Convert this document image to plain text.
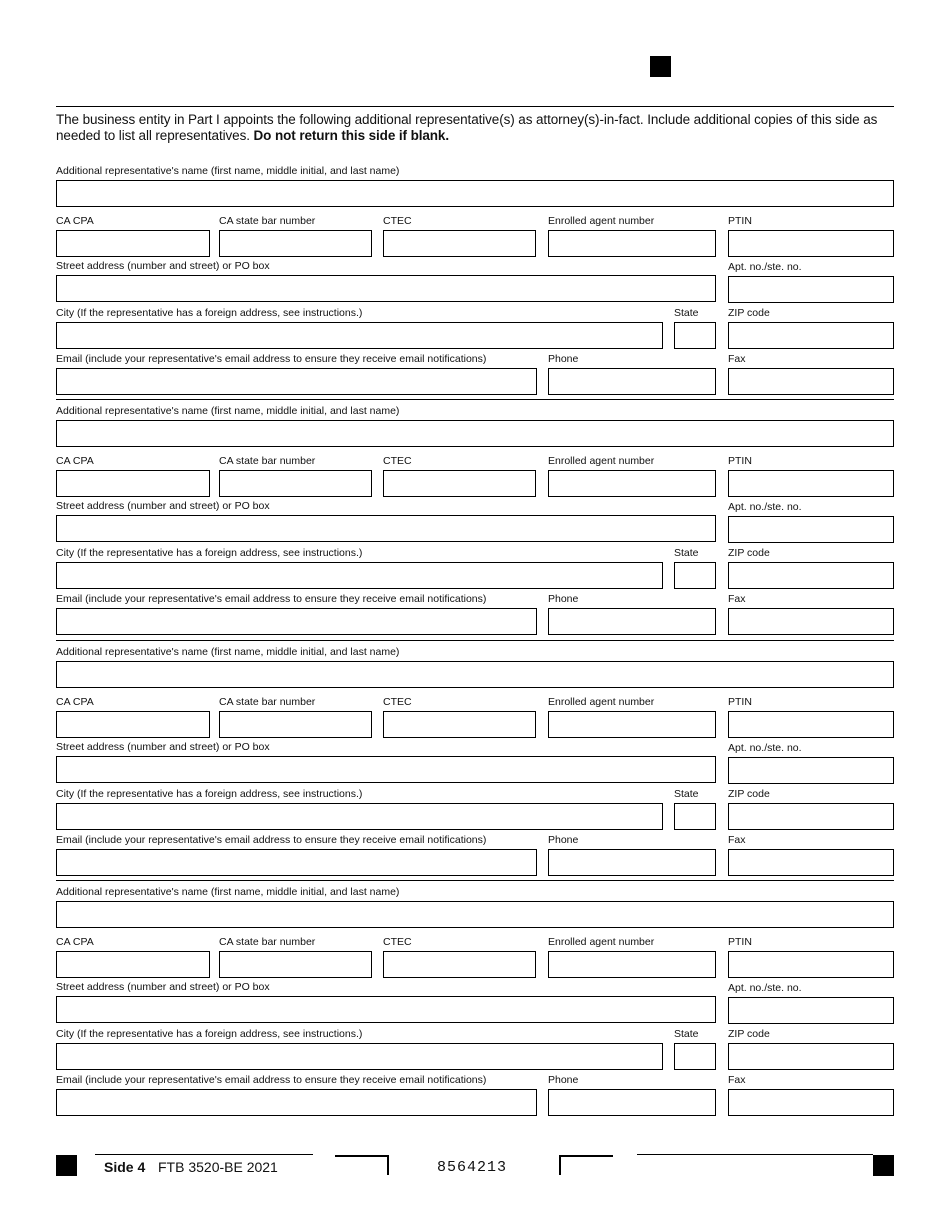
The business entity in Part I appoints the following additional representative(s) as attorney(s)-in-fact. Include additional copies of this side as needed to list all representatives. Do not return this side if blank.
Additional representative's name (first name, middle initial, and last name)
CA CPA	CA state bar number	CTEC	Enrolled agent number	PTIN
Street address (number and street) or PO box	Apt. no./ste. no.
City (If the representative has a foreign address, see instructions.)	State	ZIP code
Email (include your representative's email address to ensure they receive email notifications)	Phone	Fax
Additional representative's name (first name, middle initial, and last name)
CA CPA	CA state bar number	CTEC	Enrolled agent number	PTIN
Street address (number and street) or PO box	Apt. no./ste. no.
City (If the representative has a foreign address, see instructions.)	State	ZIP code
Email (include your representative's email address to ensure they receive email notifications)	Phone	Fax
Additional representative's name (first name, middle initial, and last name)
CA CPA	CA state bar number	CTEC	Enrolled agent number	PTIN
Street address (number and street) or PO box	Apt. no./ste. no.
City (If the representative has a foreign address, see instructions.)	State	ZIP code
Email (include your representative's email address to ensure they receive email notifications)	Phone	Fax
Additional representative's name (first name, middle initial, and last name)
CA CPA	CA state bar number	CTEC	Enrolled agent number	PTIN
Street address (number and street) or PO box	Apt. no./ste. no.
City (If the representative has a foreign address, see instructions.)	State	ZIP code
Email (include your representative's email address to ensure they receive email notifications)	Phone	Fax
Side 4 FTB 3520-BE 2021	8564213
